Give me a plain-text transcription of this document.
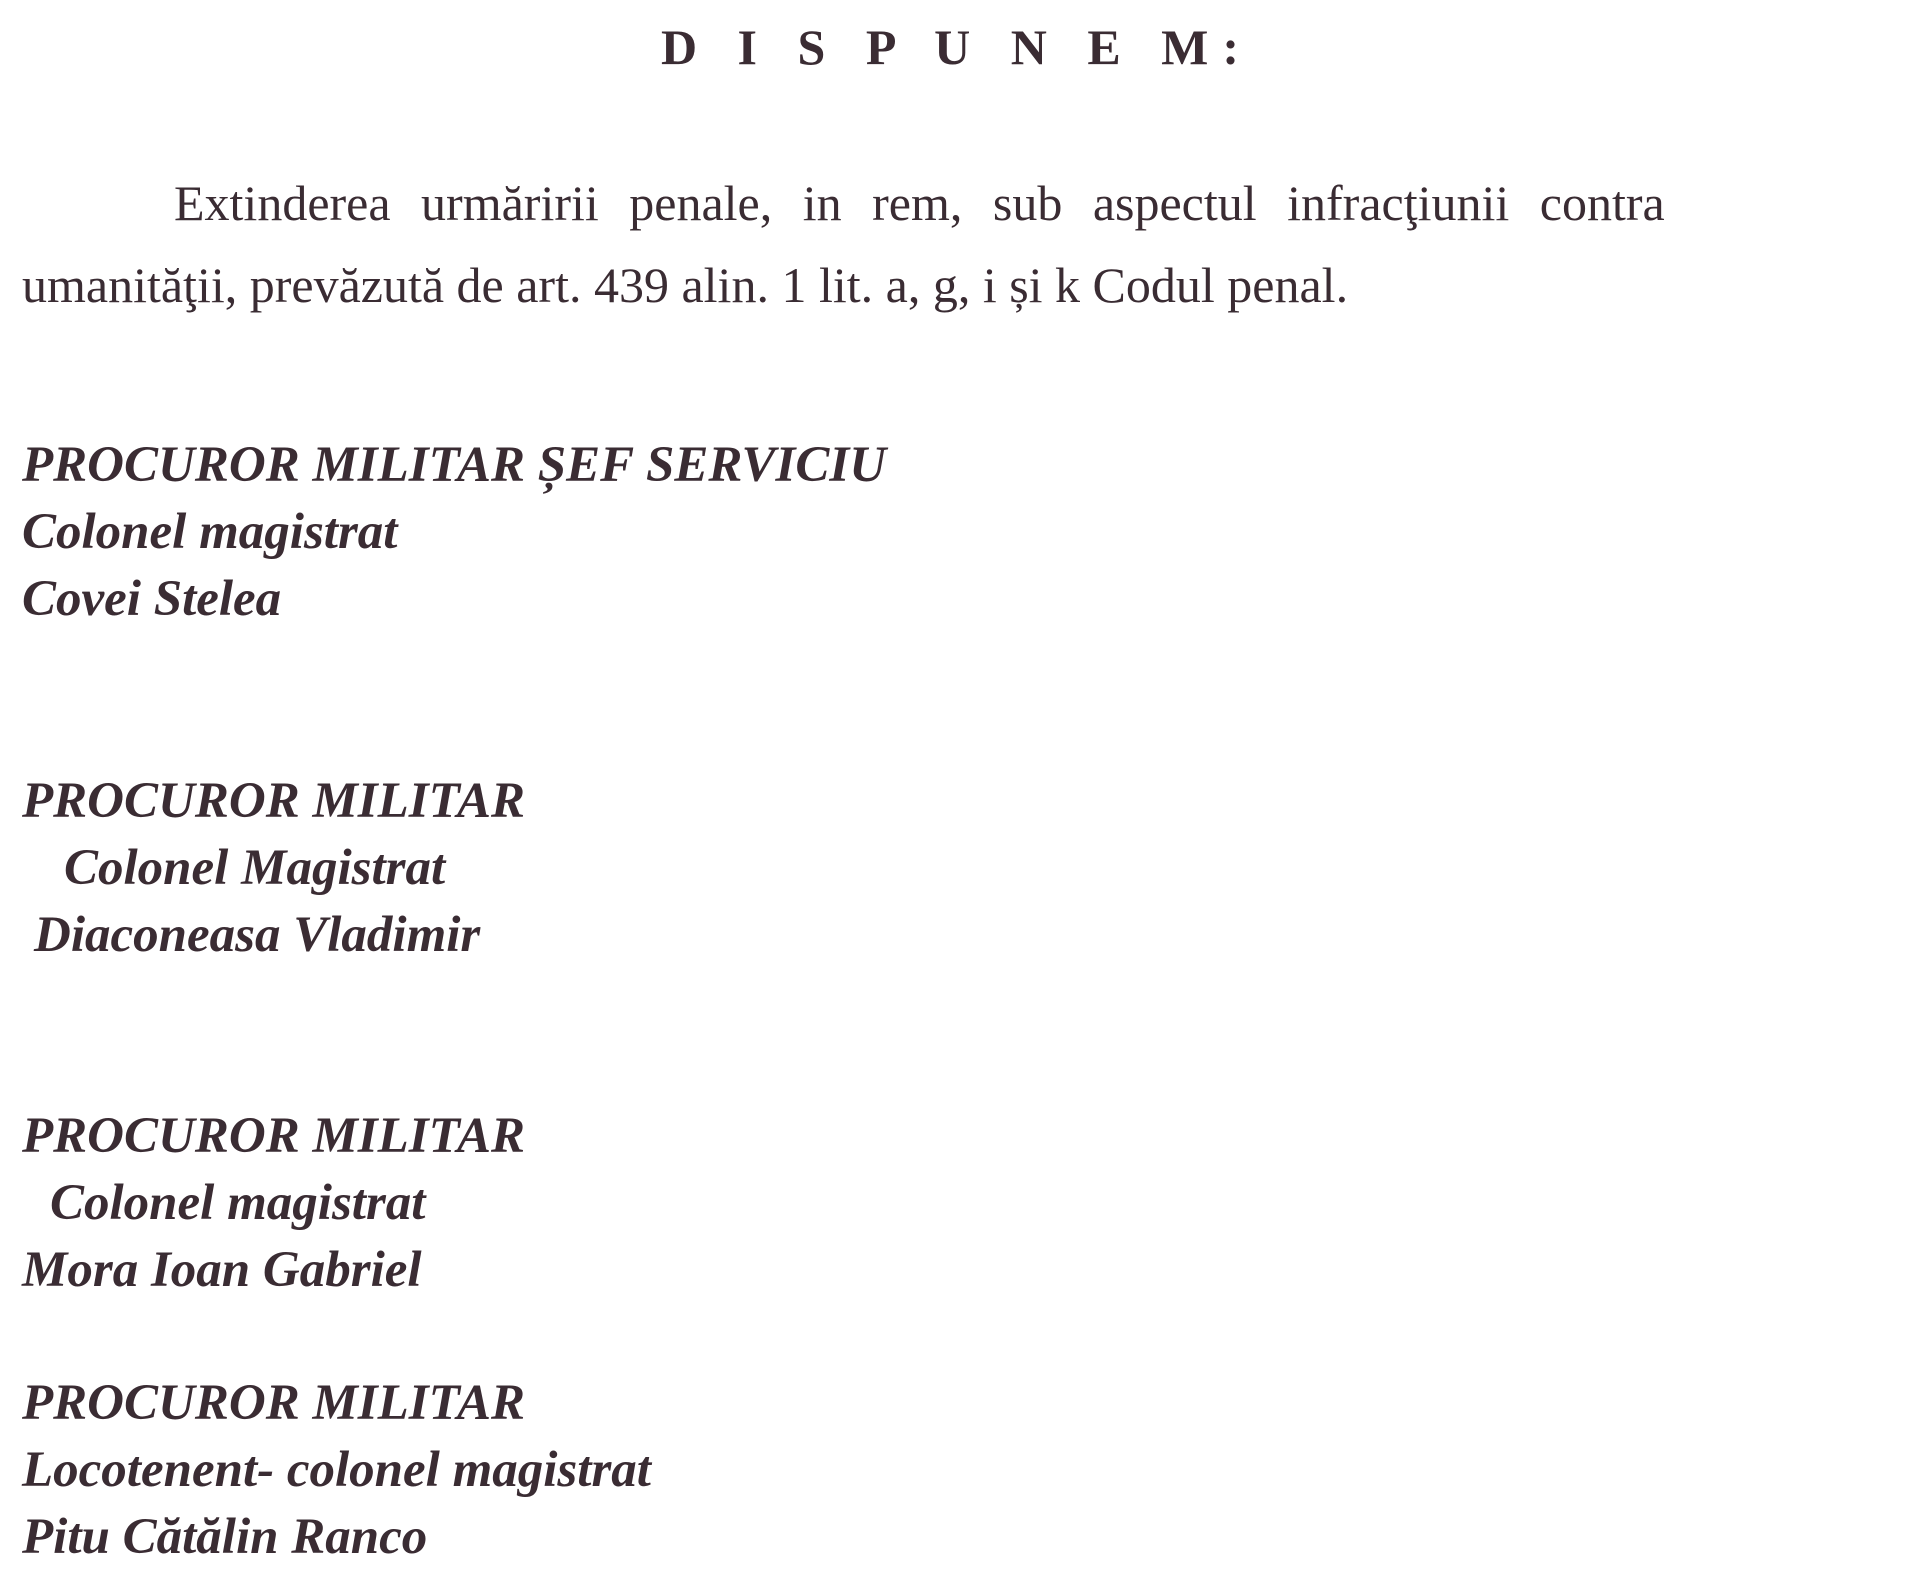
D I S P U N E M:
Extinderea urmăririi penale, in rem, sub aspectul infracţiunii contra
umanităţii, prevăzută de art. 439 alin. 1 lit. a, g, i și k Codul penal.
PROCUROR MILITAR ȘEF SERVICIU
Colonel magistrat
Covei Stelea
PROCUROR MILITAR
Colonel Magistrat
Diaconeasa Vladimir
PROCUROR MILITAR
Colonel magistrat
Mora Ioan Gabriel
PROCUROR MILITAR
Locotenent- colonel magistrat
Pitu Cătălin Ranco
